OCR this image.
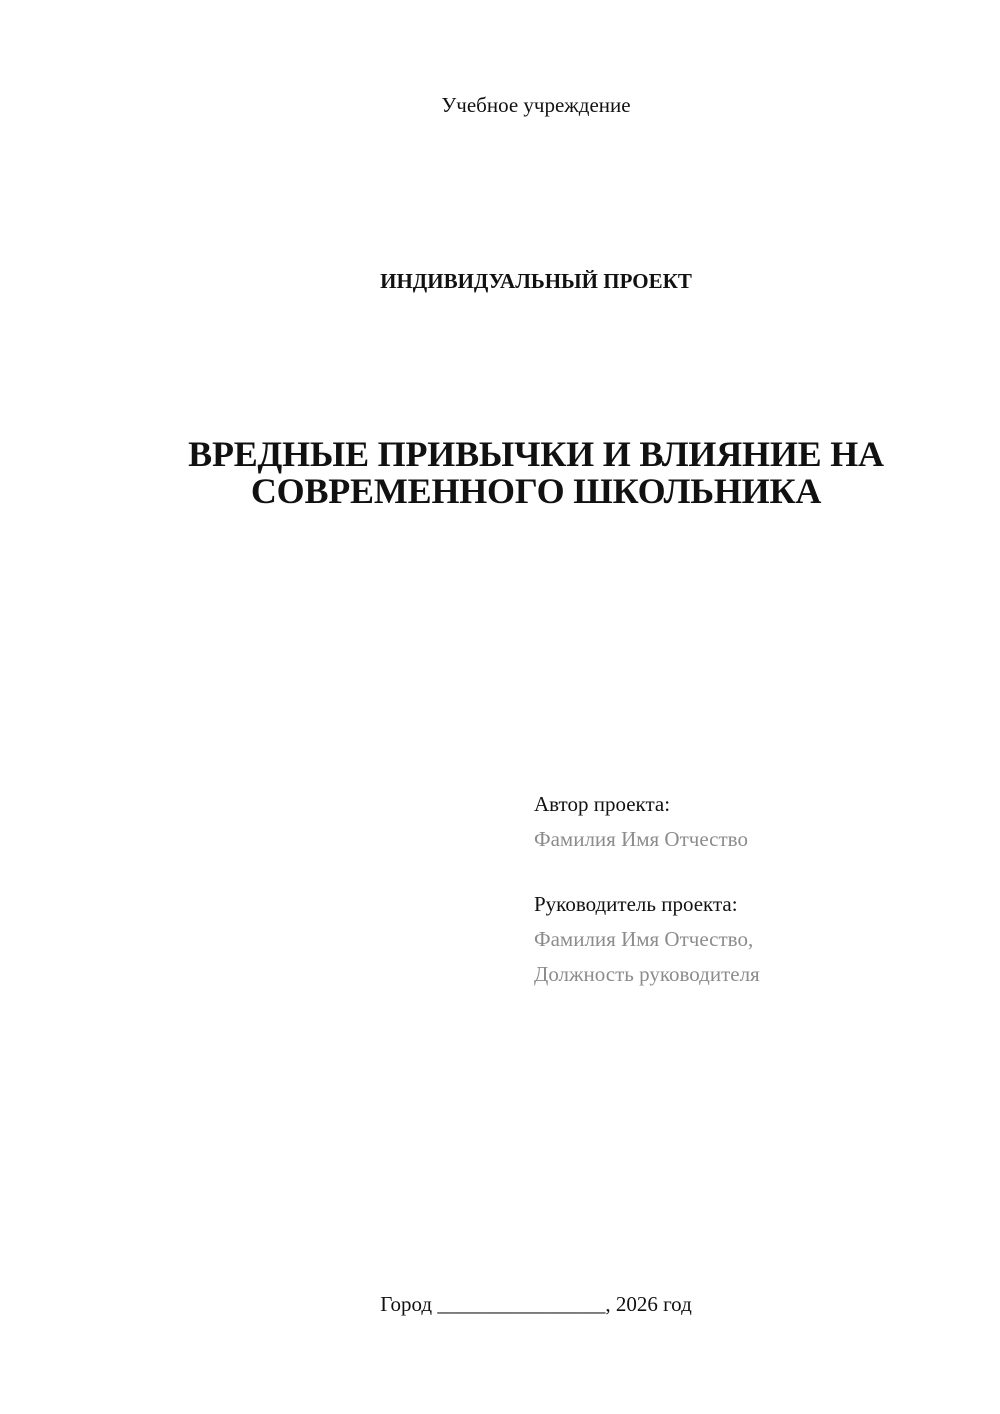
Учебное учреждение
ИНДИВИДУАЛЬНЫЙ ПРОЕКТ
ВРЕДНЫЕ ПРИВЫЧКИ И ВЛИЯНИЕ НА
СОВРЕМЕННОГО ШКОЛЬНИКА
Автор проекта:
Фамилия Имя Отчество
Руководитель проекта:
Фамилия Имя Отчество,
Должность руководителя
Город ________________, 2026 год
